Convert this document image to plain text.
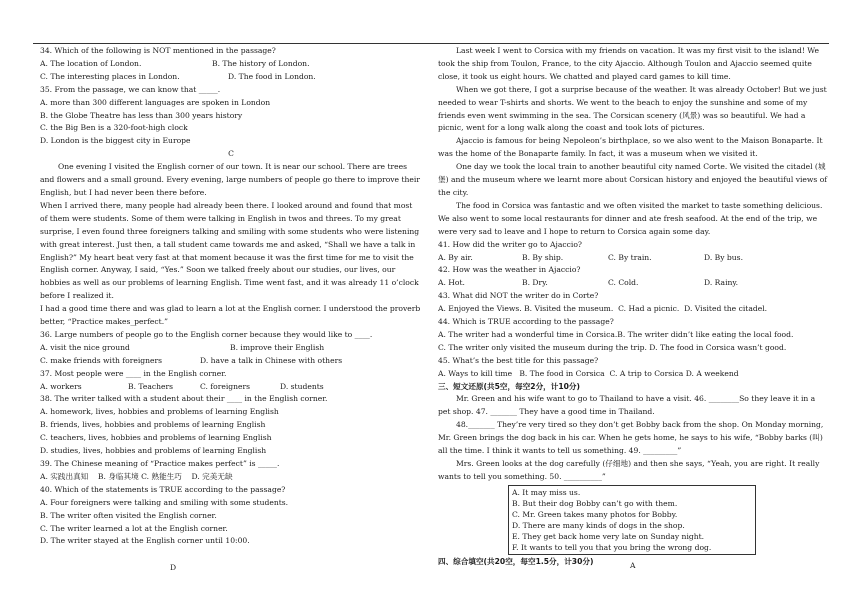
34. Which of the following is NOT mentioned in the passage?
A. The location of London.	B. The history of London.
C. The interesting places in London.	D. The food in London.
35. From the passage, we can know that _____.
A. more than 300 different languages are spoken in London
B. the Globe Theatre has less than 300 years history
C. the Big Ben is a 320-foot-high clock
D. London is the biggest city in Europe
C
One evening I visited the English corner of our town. It is near our school. There are trees and flowers and a small ground. Every evening, large numbers of people go there to improve their English, but I had never been there before.
When I arrived there, many people had already been there. I looked around and found that most of them were students. Some of them were talking in English in twos and threes. To my great surprise, I even found three foreigners talking and smiling with some students who were listening with great interest. Just then, a tall student came towards me and asked, “Shall we have a talk in English?” My heart beat very fast at that moment because it was the first time for me to visit the English corner. Anyway, I said, “Yes.” Soon we talked freely about our studies, our lives, our hobbies as well as our problems of learning English. Time went fast, and it was already 11 o’clock before I realized it.
I had a good time there and was glad to learn a lot at the English corner. I understood the proverb better, “Practice makes_perfect.”
36. Large numbers of people go to the English corner because they would like to ____.
A. visit the nice ground	B. improve their English
C. make friends with foreigners	D. have a talk in Chinese with others
37. Most people were ____ in the English corner.
A. workers	B. Teachers	C. foreigners	D. students
38. The writer talked with a student about their ____ in the English corner.
A. homework, lives, hobbies and problems of learning English
B. friends, lives, hobbies and problems of learning English
C. teachers, lives, hobbies and problems of learning English
D. studies, lives, hobbies and problems of learning English
39. The Chinese meaning of “Practice makes perfect” is _____.
A. 实践出真知    B. 身临其境 C. 熟能生巧    D. 完美无缺
40. Which of the statements is TRUE according to the passage?
A. Four foreigners were talking and smiling with some students.
B. The writer often visited the English corner.
C. The writer learned a lot at the English corner.
D. The writer stayed at the English corner until 10:00.
D
Last week I went to Corsica with my friends on vacation. It was my first visit to the island! We took the ship from Toulon, France, to the city Ajaccio. Although Toulon and Ajaccio seemed quite close, it took us eight hours. We chatted and played card games to kill time.
When we got there, I got a surprise because of the weather. It was already October! But we just needed to wear T-shirts and shorts. We went to the beach to enjoy the sunshine and some of my friends even went swimming in the sea. The Corsican scenery (风景) was so beautiful. We had a picnic, went for a long walk along the coast and took lots of pictures.
Ajaccio is famous for being Nepoleon’s birthplace, so we also went to the Maison Bonaparte. It was the home of the Bonaparte family. In fact, it was a museum when we visited it.
One day we took the local train to another beautiful city named Corte. We visited the citadel (城堡) and the museum where we learnt more about Corsican history and enjoyed the beautiful views of the city.
The food in Corsica was fantastic and we often visited the market to taste something delicious. We also went to some local restaurants for dinner and ate fresh seafood. At the end of the trip, we were very sad to leave and I hope to return to Corsica again some day.
41. How did the writer go to Ajaccio?
A. By air.	B. By ship.	C. By train.	D. By bus.
42. How was the weather in Ajaccio?
A. Hot.	B. Dry.	C. Cold.	D. Rainy.
43. What did NOT the writer do in Corte?
A. Enjoyed the Views. B. Visited the museum.  C. Had a picnic.  D. Visited the citadel.
44. Which is TRUE according to the passage?
A. The writer had a wonderful time in Corsica.B. The writer didn’t like eating the local food.
C. The writer only visited the museum during the trip. D. The food in Corsica wasn’t good.
45. What’s the best title for this passage?
A. Ways to kill time   B. The food in Corsica  C. A trip to Corsica D. A weekend
三、短文还原(共5空，每空2分，计10分)
Mr. Green and his wife want to go to Thailand to have a visit. 46. ________So they leave it in a pet shop. 47. _______ They have a good time in Thailand.
48._______ They’re very tired so they don’t get Bobby back from the shop. On Monday morning, Mr. Green brings the dog back in his car. When he gets home, he says to his wife, “Bobby barks (叫) all the time. I think it wants to tell us something. 49. _________”
Mrs. Green looks at the dog carefully (仔细地) and then she says, “Yeah, you are right. It really wants to tell you something. 50. __________”
A. It may miss us.
B. But their dog Bobby can’t go with them.
C. Mr. Green takes many photos for Bobby.
D. There are many kinds of dogs in the shop.
E. They get back home very late on Sunday night.
F. It wants to tell you that you bring the wrong dog.
四、综合填空(共20空，每空1.5分，计30分)	A
